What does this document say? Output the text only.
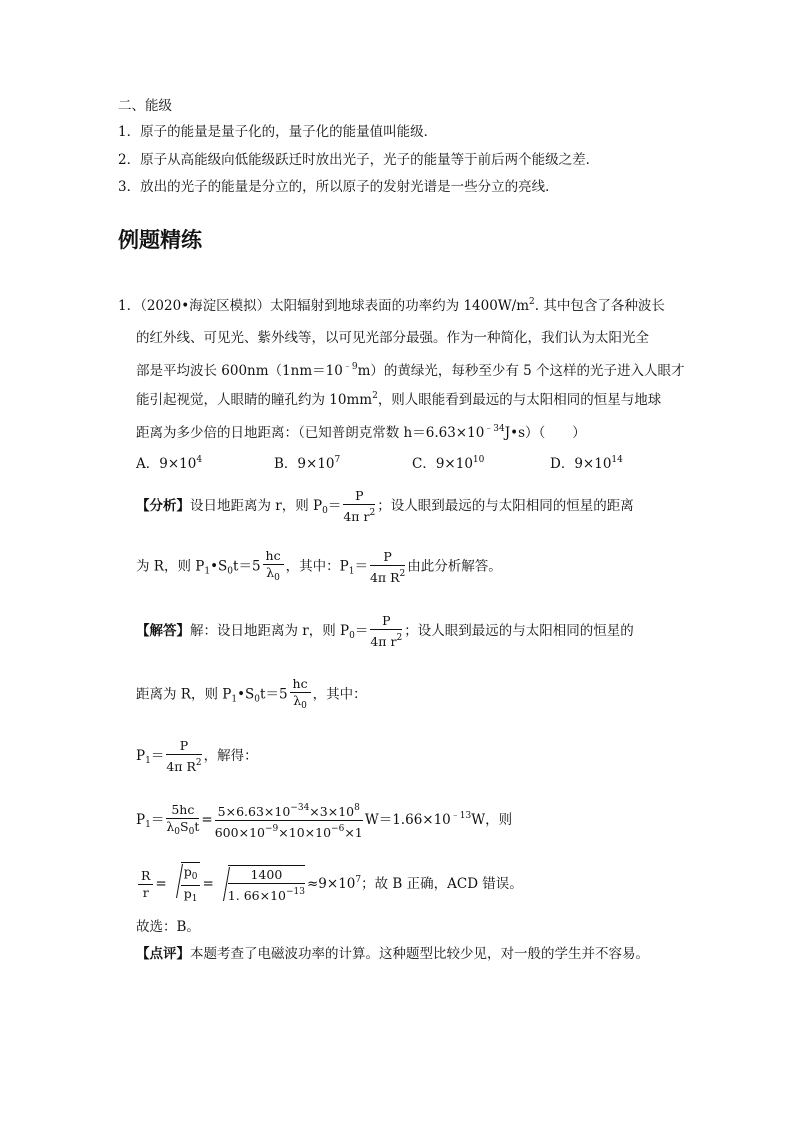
二、能级
1．原子的能量是量子化的，量子化的能量值叫能级．
2．原子从高能级向低能级跃迁时放出光子，光子的能量等于前后两个能级之差．
3．放出的光子的能量是分立的，所以原子的发射光谱是一些分立的亮线．
例题精练
1．（2020•海淀区模拟）太阳辐射到地球表面的功率约为 $1400W/m^2$. 其中包含了各种波长
的红外线、可见光、紫外线等，以可见光部分最强。作为一种简化，我们认为太阳光全
部是平均波长 $600nm(1nm=10^{﹣9}m)$的黄绿光，每秒至少有 5 个这样的光子进入人眼才
能引起视觉，人眼睛的瞳孔约为 $10mm^2$，则人眼能看到最远的与太阳相同的恒星与地球
距离为多少倍的日地距离：（已知普朗克常数 $h=6.63\times 10^{﹣34}J•s$）（　　）
A．$9\times 10^4$	B．$9\times 10^7$	C．$9\times 10^{10}$	D．$9\times 10^{14}$
【分析】设日地距离为 r，则 $P_0= \frac{P}{4\pi r^2}$ ；设人眼到最远的与太阳相同的恒星的距离
为 R，则 $P_1•S_0t=5 \frac{hc}{\lambda_0}$ ，其中：$P_1= \frac{P}{4\pi R^2}$ 由此分析解答。
【解答】解：设日地距离为 r，则 $P_0= \frac{P}{4\pi r^2}$ ；设人眼到最远的与太阳相同的恒星的
距离为 R，则 $P_1•S_0t=5 \frac{hc}{\lambda_0}$ ，其中：
$P_1= \frac{P}{4\pi R^2}$ ，解得：
$P_1= \frac{5hc}{\lambda_0S_0t} = \frac{5\times 6.63\times 10^{-34}\times 3\times 10^8}{600\times 10^{-9}\times 10\times 10^{-6}\times 1} W=1.66\times 10^{﹣13}W$，则
$\frac{R}{r} = \frac{p_0}{p_1} = \frac{1400}{1. 66\times 10^{-13}} \approx 9\times 10^7$；故 B 正确，ACD 错误。
故选：B。
【点评】本题考查了电磁波功率的计算。这种题型比较少见，对一般的学生并不容易。
